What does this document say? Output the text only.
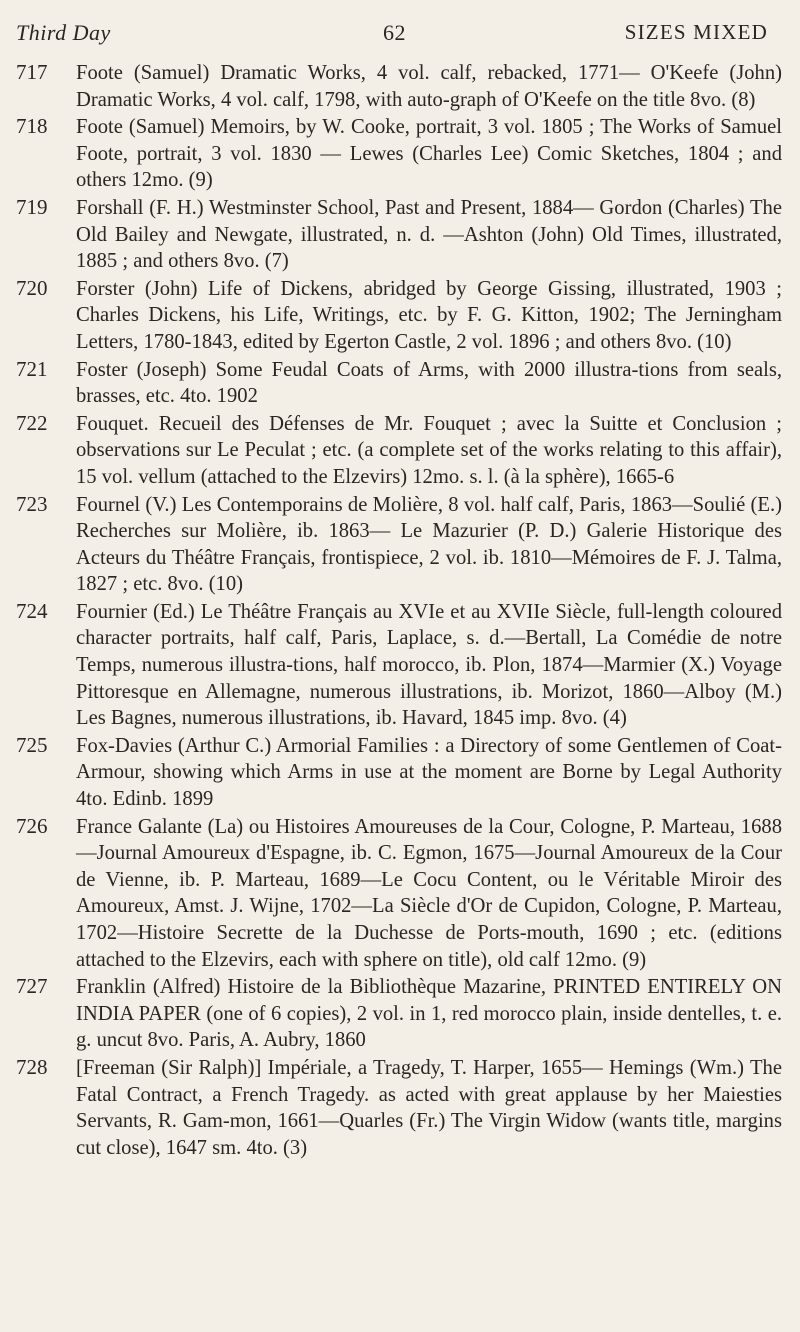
Third Day	62	SIZES MIXED
717	Foote (Samuel) Dramatic Works, 4 vol. calf, rebacked, 1771— O'Keefe (John) Dramatic Works, 4 vol. calf, 1798, with auto-graph of O'Keefe on the title 8vo. (8)
718	Foote (Samuel) Memoirs, by W. Cooke, portrait, 3 vol. 1805 ; The Works of Samuel Foote, portrait, 3 vol. 1830 — Lewes (Charles Lee) Comic Sketches, 1804 ; and others 12mo. (9)
719	Forshall (F. H.) Westminster School, Past and Present, 1884— Gordon (Charles) The Old Bailey and Newgate, illustrated, n. d. —Ashton (John) Old Times, illustrated, 1885 ; and others 8vo. (7)
720	Forster (John) Life of Dickens, abridged by George Gissing, illustrated, 1903 ; Charles Dickens, his Life, Writings, etc. by F. G. Kitton, 1902; The Jerningham Letters, 1780-1843, edited by Egerton Castle, 2 vol. 1896 ; and others 8vo. (10)
721	Foster (Joseph) Some Feudal Coats of Arms, with 2000 illustra-tions from seals, brasses, etc. 4to. 1902
722	Fouquet. Recueil des Défenses de Mr. Fouquet ; avec la Suitte et Conclusion ; observations sur Le Peculat ; etc. (a complete set of the works relating to this affair), 15 vol. vellum (attached to the Elzevirs) 12mo. s. l. (à la sphère), 1665-6
723	Fournel (V.) Les Contemporains de Molière, 8 vol. half calf, Paris, 1863—Soulié (E.) Recherches sur Molière, ib. 1863— Le Mazurier (P. D.) Galerie Historique des Acteurs du Théâtre Français, frontispiece, 2 vol. ib. 1810—Mémoires de F. J. Talma, 1827 ; etc. 8vo. (10)
724	Fournier (Ed.) Le Théâtre Français au XVIe et au XVIIe Siècle, full-length coloured character portraits, half calf, Paris, Laplace, s. d.—Bertall, La Comédie de notre Temps, numerous illustra-tions, half morocco, ib. Plon, 1874—Marmier (X.) Voyage Pittoresque en Allemagne, numerous illustrations, ib. Morizot, 1860—Alboy (M.) Les Bagnes, numerous illustrations, ib. Havard, 1845 imp. 8vo. (4)
725	Fox-Davies (Arthur C.) Armorial Families : a Directory of some Gentlemen of Coat-Armour, showing which Arms in use at the moment are Borne by Legal Authority 4to. Edinb. 1899
726	France Galante (La) ou Histoires Amoureuses de la Cour, Cologne, P. Marteau, 1688—Journal Amoureux d'Espagne, ib. C. Egmon, 1675—Journal Amoureux de la Cour de Vienne, ib. P. Marteau, 1689—Le Cocu Content, ou le Véritable Miroir des Amoureux, Amst. J. Wijne, 1702—La Siècle d'Or de Cupidon, Cologne, P. Marteau, 1702—Histoire Secrette de la Duchesse de Ports-mouth, 1690 ; etc. (editions attached to the Elzevirs, each with sphere on title), old calf 12mo. (9)
727	Franklin (Alfred) Histoire de la Bibliothèque Mazarine, PRINTED ENTIRELY ON INDIA PAPER (one of 6 copies), 2 vol. in 1, red morocco plain, inside dentelles, t. e. g. uncut 8vo. Paris, A. Aubry, 1860
728	[Freeman (Sir Ralph)] Impériale, a Tragedy, T. Harper, 1655— Hemings (Wm.) The Fatal Contract, a French Tragedy. as acted with great applause by her Maiesties Servants, R. Gam-mon, 1661—Quarles (Fr.) The Virgin Widow (wants title, margins cut close), 1647 sm. 4to. (3)
